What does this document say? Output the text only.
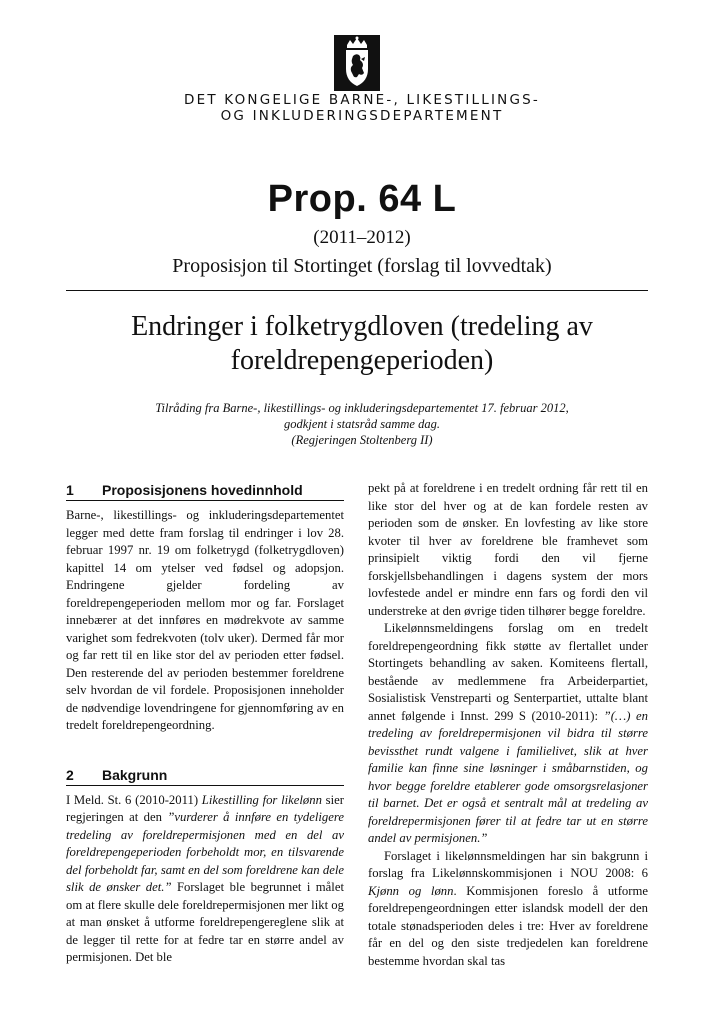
DET KONGELIGE BARNE-, LIKESTILLINGS-
OG INKLUDERINGSDEPARTEMENT
Prop. 64 L
(2011–2012)
Proposisjon til Stortinget (forslag til lovvedtak)
Endringer i folketrygdloven (tredeling av
foreldrepengeperioden)
Tilråding fra Barne-, likestillings- og inkluderingsdepartementet 17. februar 2012,
godkjent i statsråd samme dag.
(Regjeringen Stoltenberg II)
1 Proposisjonens hovedinnhold

Barne-, likestillings- og inkluderingsdepartementet legger med dette fram forslag til endringer i lov 28. februar 1997 nr. 19 om folketrygd (folketrygdloven) kapittel 14 om ytelser ved fødsel og adopsjon. Endringene gjelder fordeling av foreldrepengeperioden mellom mor og far. Forslaget innebærer at det innføres en mødrekvote av samme varighet som fedrekvoten (tolv uker). Dermed får mor og far rett til en like stor del av perioden etter fødsel. Den resterende del av perioden bestemmer foreldrene selv hvordan de vil fordele. Proposisjonen inneholder de nødvendige lovendringene for gjennomføring av en tredelt foreldrepengeordning.

2 Bakgrunn

I Meld. St. 6 (2010-2011) Likestilling for likelønn sier regjeringen at den ”vurderer å innføre en tydeligere tredeling av foreldrepermisjonen med en del av foreldrepengeperioden forbeholdt mor, en tilsvarende del forbeholdt far, samt en del som foreldrene kan dele slik de ønsker det.” Forslaget ble begrunnet i målet om at flere skulle dele foreldrepermisjonen mer likt og at man ønsket å utforme foreldrepengereglene slik at de legger til rette for at fedre tar en større andel av permisjonen. Det ble

pekt på at foreldrene i en tredelt ordning får rett til en like stor del hver og at de kan fordele resten av perioden som de ønsker. En lovfesting av like store kvoter til hver av foreldrene ble framhevet som prinsipielt viktig fordi den vil fjerne forskjellsbehandlingen i dagens system der mors lovfestede andel er mindre enn fars og fordi den vil understreke at den øvrige tiden tilhører begge foreldre.

Likelønnsmeldingens forslag om en tredelt foreldrepengeordning fikk støtte av flertallet under Stortingets behandling av saken. Komiteens flertall, bestående av medlemmene fra Arbeiderpartiet, Sosialistisk Venstreparti og Senterpartiet, uttalte blant annet følgende i Innst. 299 S (2010-2011): ”(…) en tredeling av foreldrepermisjonen vil bidra til større bevissthet rundt valgene i familielivet, slik at hver familie kan finne sine løsninger i småbarnstiden, og hvor begge foreldre etablerer gode omsorgsrelasjoner til barnet. Det er også et sentralt mål at tredeling av foreldrepermisjonen fører til at fedre tar ut en større andel av permisjonen.”

Forslaget i likelønnsmeldingen har sin bakgrunn i forslag fra Likelønnskommisjonen i NOU 2008: 6 Kjønn og lønn. Kommisjonen foreslo å utforme foreldrepengeordningen etter islandsk modell der den totale stønadsperioden deles i tre: Hver av foreldrene får en del og den siste tredjedelen kan foreldrene bestemme hvordan skal tas
